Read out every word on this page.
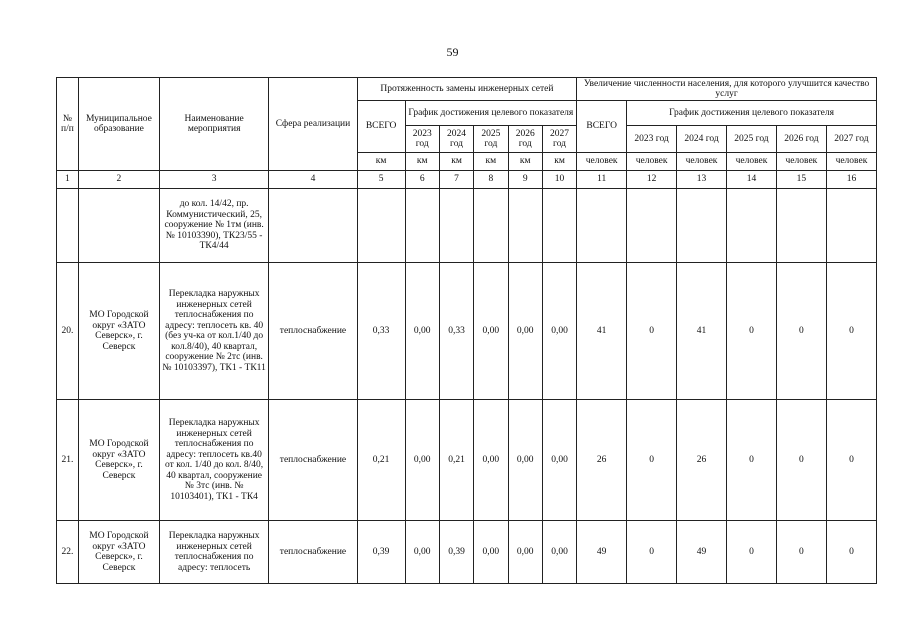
59
№ п/п	Муниципальное образование	Наименование мероприятия	Сфера реализации	Протяженность замены инженерных сетей						Увеличение численности населения, для которого улучшится качество услуг					
				ВСЕГО	График достижения целевого показателя					ВСЕГО	График достижения целевого показателя				
					2023 год	2024 год	2025 год	2026 год	2027 год		2023 год	2024 год	2025 год	2026 год	2027 год
				км	км	км	км	км	км	человек	человек	человек	человек	человек	человек
1	2	3	4	5	6	7	8	9	10	11	12	13	14	15	16
		до кол. 14/42, пр. Коммунистический, 25, сооружение № 1тм (инв. № 10103390), ТК23/55 - ТК4/44													
20.	МО Городской округ «ЗАТО Северск», г. Северск	Перекладка наружных инженерных сетей теплоснабжения по адресу: теплосеть кв. 40 (без уч-ка от кол.1/40 до кол.8/40), 40 квартал, сооружение № 2тс (инв. № 10103397), ТК1 - ТК11	теплоснабжение	0,33	0,00	0,33	0,00	0,00	0,00	41	0	41	0	0	0
21.	МО Городской округ «ЗАТО Северск», г. Северск	Перекладка наружных инженерных сетей теплоснабжения по адресу: теплосеть кв.40 от кол. 1/40 до кол. 8/40, 40 квартал, сооружение № 3тс (инв. № 10103401), ТК1 - ТК4	теплоснабжение	0,21	0,00	0,21	0,00	0,00	0,00	26	0	26	0	0	0
22.	МО Городской округ «ЗАТО Северск», г. Северск	Перекладка наружных инженерных сетей теплоснабжения по адресу: теплосеть	теплоснабжение	0,39	0,00	0,39	0,00	0,00	0,00	49	0	49	0	0	0
